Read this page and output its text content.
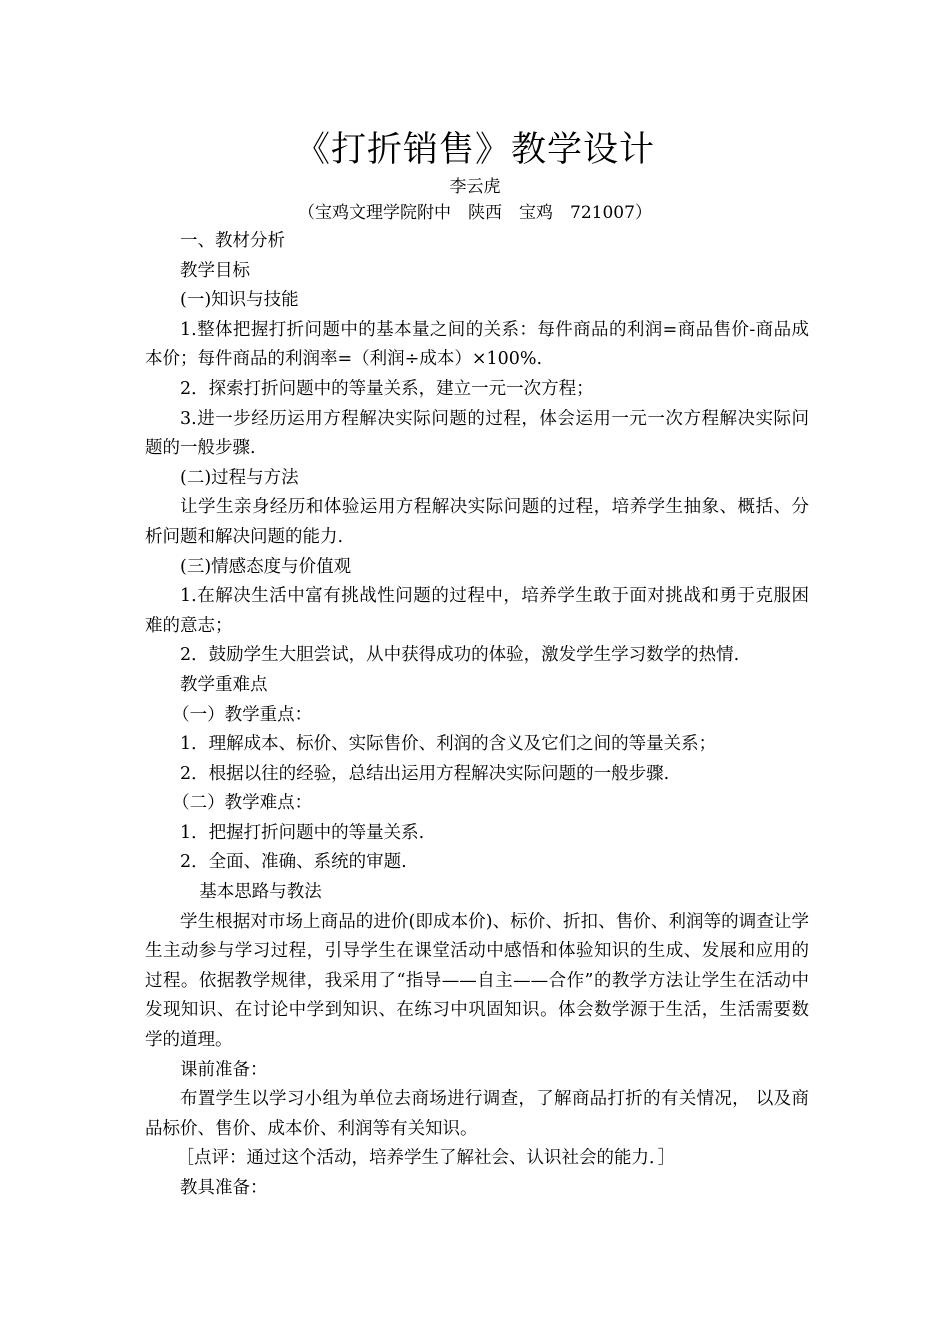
《打折销售》教学设计
李云虎
（宝鸡文理学院附中　陕西　宝鸡　721007）

一、教材分析

教学目标

(一)知识与技能

1.整体把握打折问题中的基本量之间的关系：每件商品的利润=商品售价-商品成本价；每件商品的利润率=（利润÷成本）×100%.

2．探索打折问题中的等量关系，建立一元一次方程；

3.进一步经历运用方程解决实际问题的过程，体会运用一元一次方程解决实际问题的一般步骤.

(二)过程与方法

让学生亲身经历和体验运用方程解决实际问题的过程，培养学生抽象、概括、分析问题和解决问题的能力.

(三)情感态度与价值观

1.在解决生活中富有挑战性问题的过程中，培养学生敢于面对挑战和勇于克服困难的意志；

2．鼓励学生大胆尝试，从中获得成功的体验，激发学生学习数学的热情.

教学重难点

（一）教学重点：

1．理解成本、标价、实际售价、利润的含义及它们之间的等量关系；

2．根据以往的经验，总结出运用方程解决实际问题的一般步骤.

（二）教学难点：

1．把握打折问题中的等量关系.

2．全面、准确、系统的审题.

基本思路与教法

学生根据对市场上商品的进价(即成本价)、标价、折扣、售价、利润等的调查让学生主动参与学习过程，引导学生在课堂活动中感悟和体验知识的生成、发展和应用的过程。依据教学规律，我采用了“指导——自主——合作”的教学方法让学生在活动中发现知识、在讨论中学到知识、在练习中巩固知识。体会数学源于生活，生活需要数学的道理。

课前准备：

布置学生以学习小组为单位去商场进行调查，了解商品打折的有关情况， 以及商品标价、售价、成本价、利润等有关知识。

［点评：通过这个活动，培养学生了解社会、认识社会的能力．］

教具准备：
